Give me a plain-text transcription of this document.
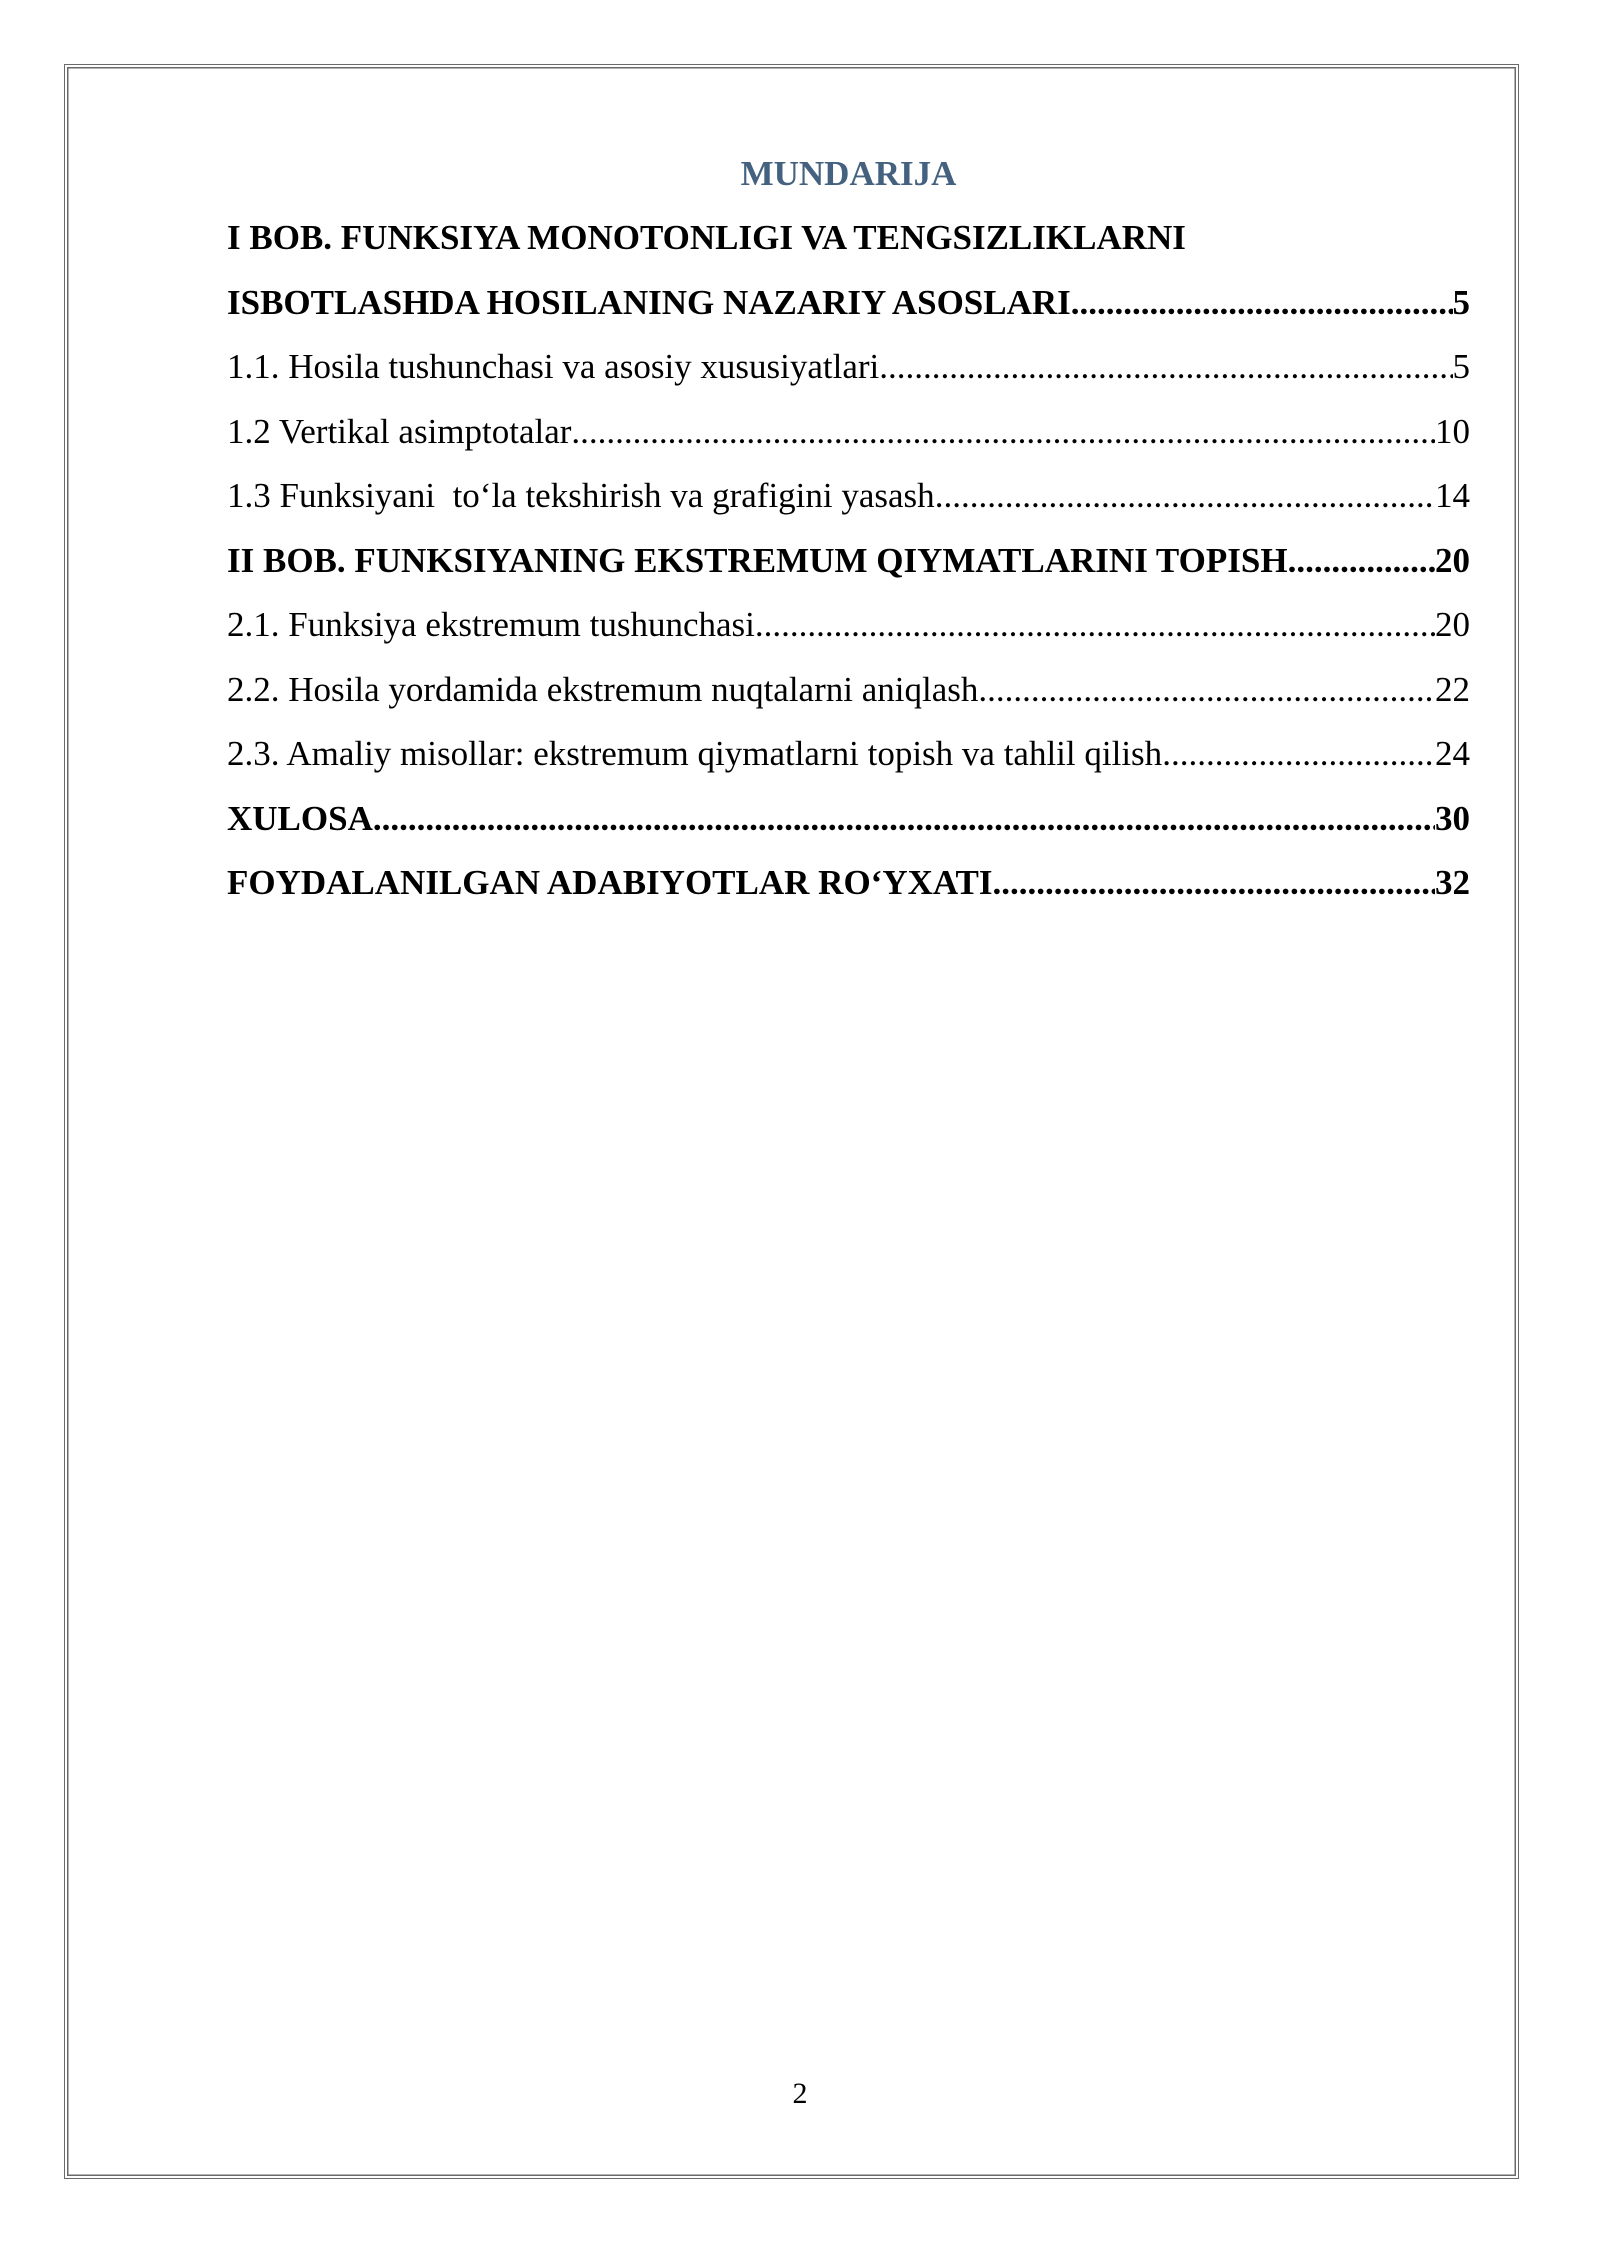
MUNDARIJA
I BOB. FUNKSIYA MONOTONLIGI VA TENGSIZLIKLARNI
ISBOTLASHDA HOSILANING NAZARIY ASOSLARI .....	5
1.1. Hosila tushunchasi va asosiy xususiyatlari .....	5
1.2 Vertikal asimptotalar .....	10
1.3 Funksiyani  to‘la tekshirish va grafigini yasash .....	14
II BOB. FUNKSIYANING EKSTREMUM QIYMATLARINI TOPISH .....	20
2.1. Funksiya ekstremum tushunchasi .....	20
2.2. Hosila yordamida ekstremum nuqtalarni aniqlash .....	22
2.3. Amaliy misollar: ekstremum qiymatlarni topish va tahlil qilish .....	24
XULOSA .....	30
FOYDALANILGAN ADABIYOTLAR RO‘YXATI .....	32
2
